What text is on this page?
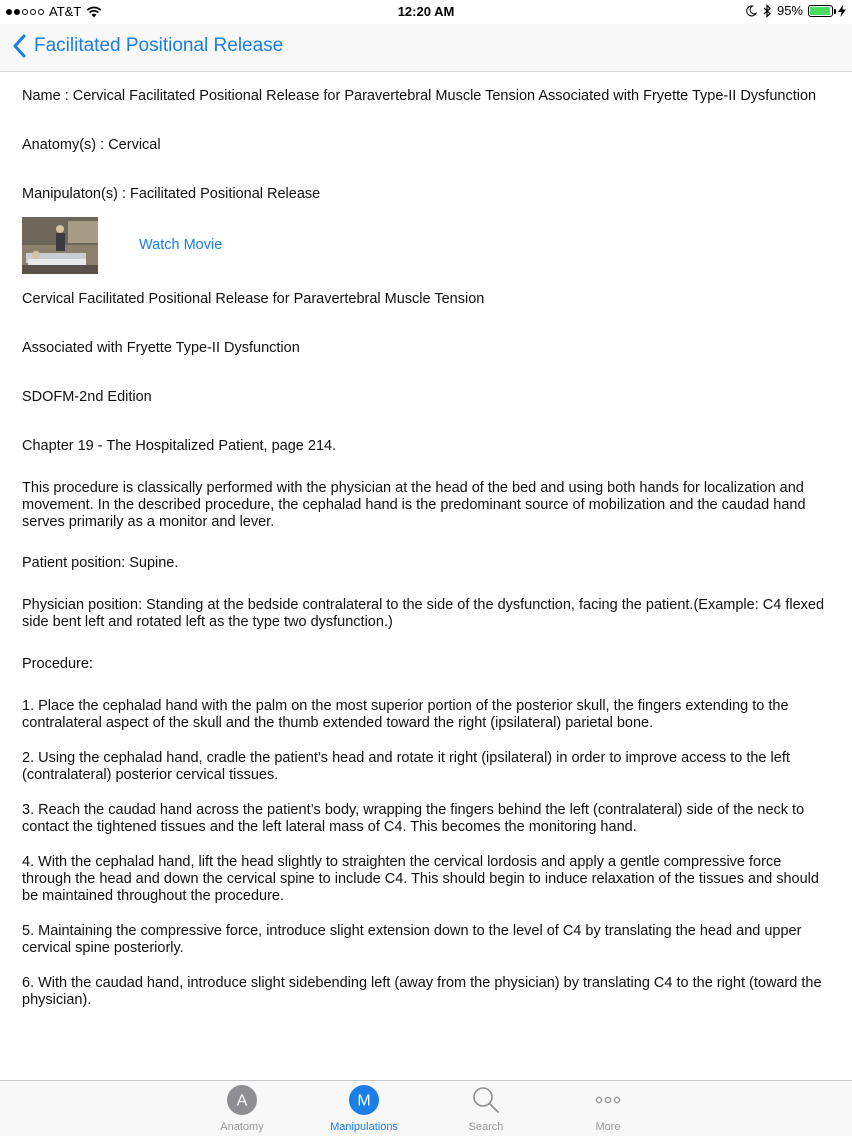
AT&T	12:20 AM	95%
Facilitated Positional Release
Name : Cervical Facilitated Positional Release for Paravertebral Muscle Tension Associated with Fryette Type-II Dysfunction
Anatomy(s) : Cervical
Manipulaton(s) : Facilitated Positional Release
Watch Movie
Cervical Facilitated Positional Release for Paravertebral Muscle Tension
Associated with Fryette Type-II Dysfunction
SDOFM-2nd Edition
Chapter 19 - The Hospitalized Patient, page 214.
This procedure is classically performed with the physician at the head of the bed and using both hands for localization and movement. In the described procedure, the cephalad hand is the predominant source of mobilization and the caudad hand serves primarily as a monitor and lever.
Patient position: Supine.
Physician position: Standing at the bedside contralateral to the side of the dysfunction, facing the patient.(Example: C4 flexed side bent left and rotated left as the type two dysfunction.)
Procedure:
1. Place the cephalad hand with the palm on the most superior portion of the posterior skull, the fingers extending to the contralateral aspect of the skull and the thumb extended toward the right (ipsilateral) parietal bone.
2. Using the cephalad hand, cradle the patient’s head and rotate it right (ipsilateral) in order to improve access to the left (contralateral) posterior cervical tissues.
3. Reach the caudad hand across the patient’s body, wrapping the fingers behind the left (contralateral) side of the neck to contact the tightened tissues and the left lateral mass of C4. This becomes the monitoring hand.
4. With the cephalad hand, lift the head slightly to straighten the cervical lordosis and apply a gentle compressive force through the head and down the cervical spine to include C4. This should begin to induce relaxation of the tissues and should be maintained throughout the procedure.
5. Maintaining the compressive force, introduce slight extension down to the level of C4 by translating the head and upper cervical spine posteriorly.
6. With the caudad hand, introduce slight sidebending left (away from the physician) by translating C4 to the right (toward the physician).
A
Anatomy
M
Manipulations	Search	More
